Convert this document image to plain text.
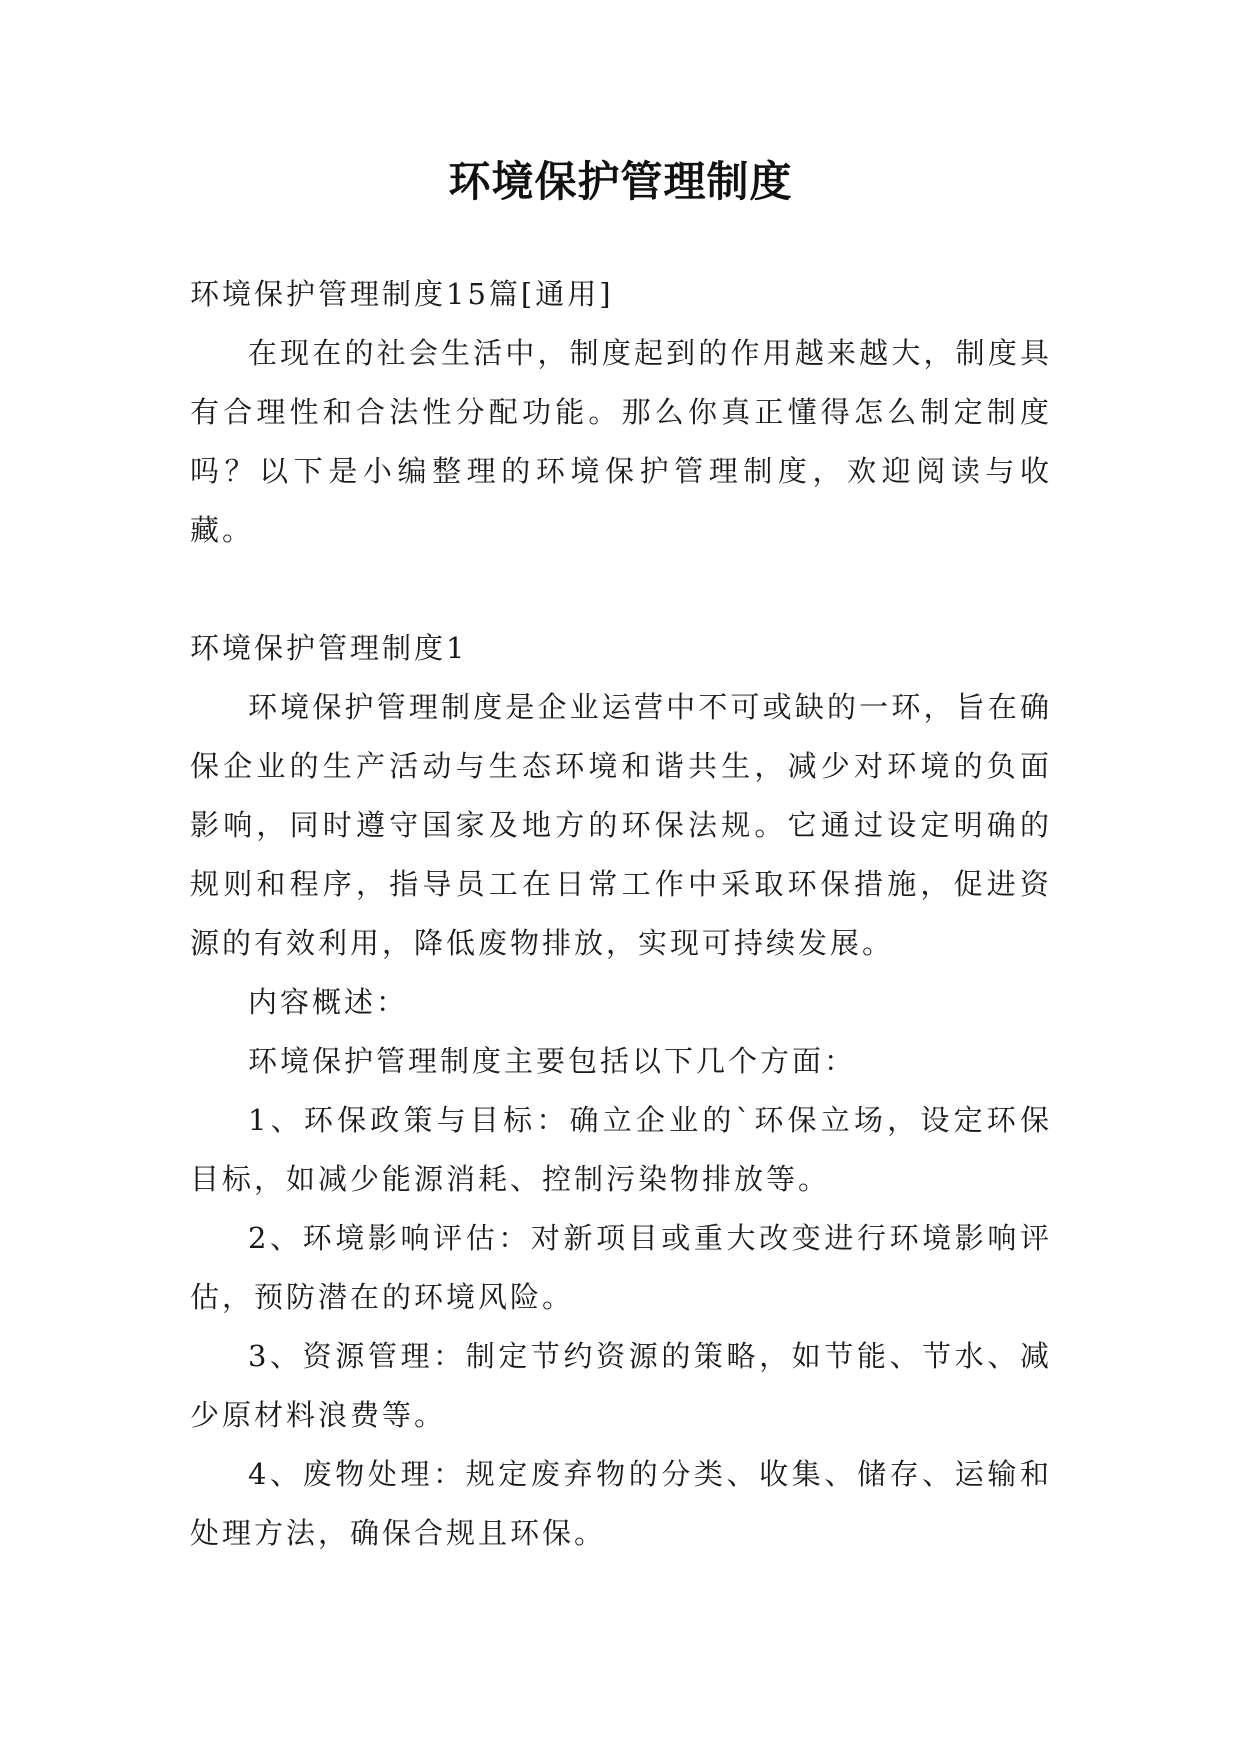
环境保护管理制度

环境保护管理制度15篇[通用]

在现在的社会生活中，制度起到的作用越来越大，制度具有合理性和合法性分配功能。那么你真正懂得怎么制定制度吗？以下是小编整理的环境保护管理制度，欢迎阅读与收藏。

环境保护管理制度1

环境保护管理制度是企业运营中不可或缺的一环，旨在确保企业的生产活动与生态环境和谐共生，减少对环境的负面影响，同时遵守国家及地方的环保法规。它通过设定明确的规则和程序，指导员工在日常工作中采取环保措施，促进资源的有效利用，降低废物排放，实现可持续发展。

内容概述：

环境保护管理制度主要包括以下几个方面：

1、环保政策与目标：确立企业的`环保立场，设定环保目标，如减少能源消耗、控制污染物排放等。

2、环境影响评估：对新项目或重大改变进行环境影响评估，预防潜在的环境风险。

3、资源管理：制定节约资源的策略，如节能、节水、减少原材料浪费等。

4、废物处理：规定废弃物的分类、收集、储存、运输和处理方法，确保合规且环保。
